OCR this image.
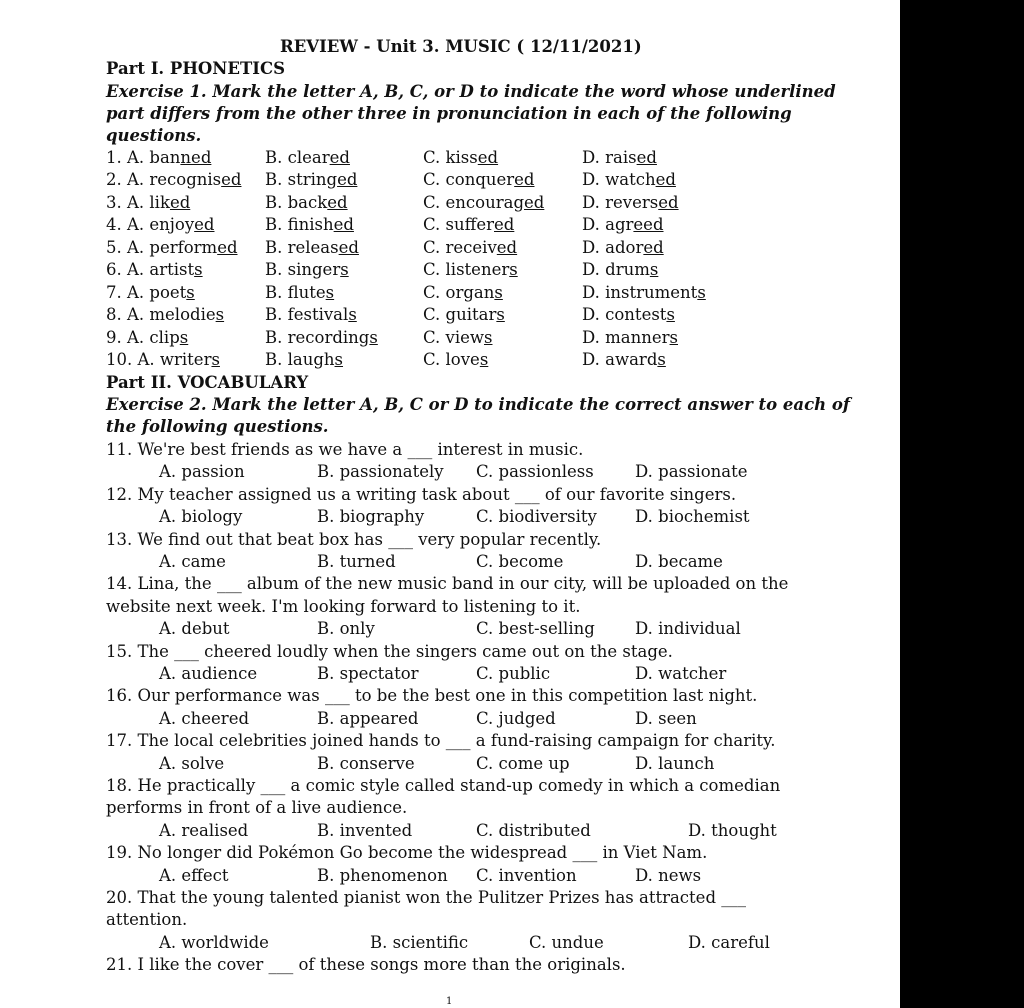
REVIEW - Unit 3. MUSIC ( 12/11/2021)
Part I. PHONETICS
Exercise 1. Mark the letter A, B, C, or D to indicate the word whose underlined
part differs from the other three in pronunciation in each of the following
questions.
1. A. banned	B. cleared	C. kissed	D. raised
2. A. recognised B. stringed	C. conquered	D. watched
3. A. liked	B. backed	C. encouraged D. reversed
4. A. enjoyed	B. finished	C. suffered	D. agreed
5. A. performed B. released	C. received	D. adored
6. A. artists	B. singers	C. listeners	D. drums
7. A. poets	B. flutes	C. organs	D. instruments
8. A. melodies B. festivals	C. guitars	D. contests
9. A. clips	B. recordings	C. views	D. manners
10. A. writers	B. laughs	C. loves	D. awards
Part II. VOCABULARY
Exercise 2. Mark the letter A, B, C or D to indicate the correct answer to each of
the following questions.
11. We're best friends as we have a ___ interest in music.
A. passion	B. passionately C. passionless	D. passionate
12. My teacher assigned us a writing task about ___ of our favorite singers.
A. biology	B. biography	C. biodiversity D. biochemist
13. We find out that beat box has ___ very popular recently.
A. came	B. turned	C. become	D. became
14. Lina, the ___ album of the new music band in our city, will be uploaded on the
website next week. I'm looking forward to listening to it.
A. debut	B. only	C. best-selling D. individual
15. The ___ cheered loudly when the singers came out on the stage.
A. audience	B. spectator	C. public	D. watcher
16. Our performance was ___ to be the best one in this competition last night.
A. cheered	B. appeared	C. judged	D. seen
17. The local celebrities joined hands to ___ a fund-raising campaign for charity.
A. solve	B. conserve	C. come up	D. launch
18. He practically ___ a comic style called stand-up comedy in which a comedian
performs in front of a live audience.
A. realised	B. invented	C. distributed	D. thought
19. No longer did Pokémon Go become the widespread ___ in Viet Nam.
A. effect	B. phenomenon C. invention	D. news
20. That the young talented pianist won the Pulitzer Prizes has attracted ___
attention.
A. worldwide	B. scientific	C. undue	D. careful
21. I like the cover ___ of these songs more than the originals.
1
